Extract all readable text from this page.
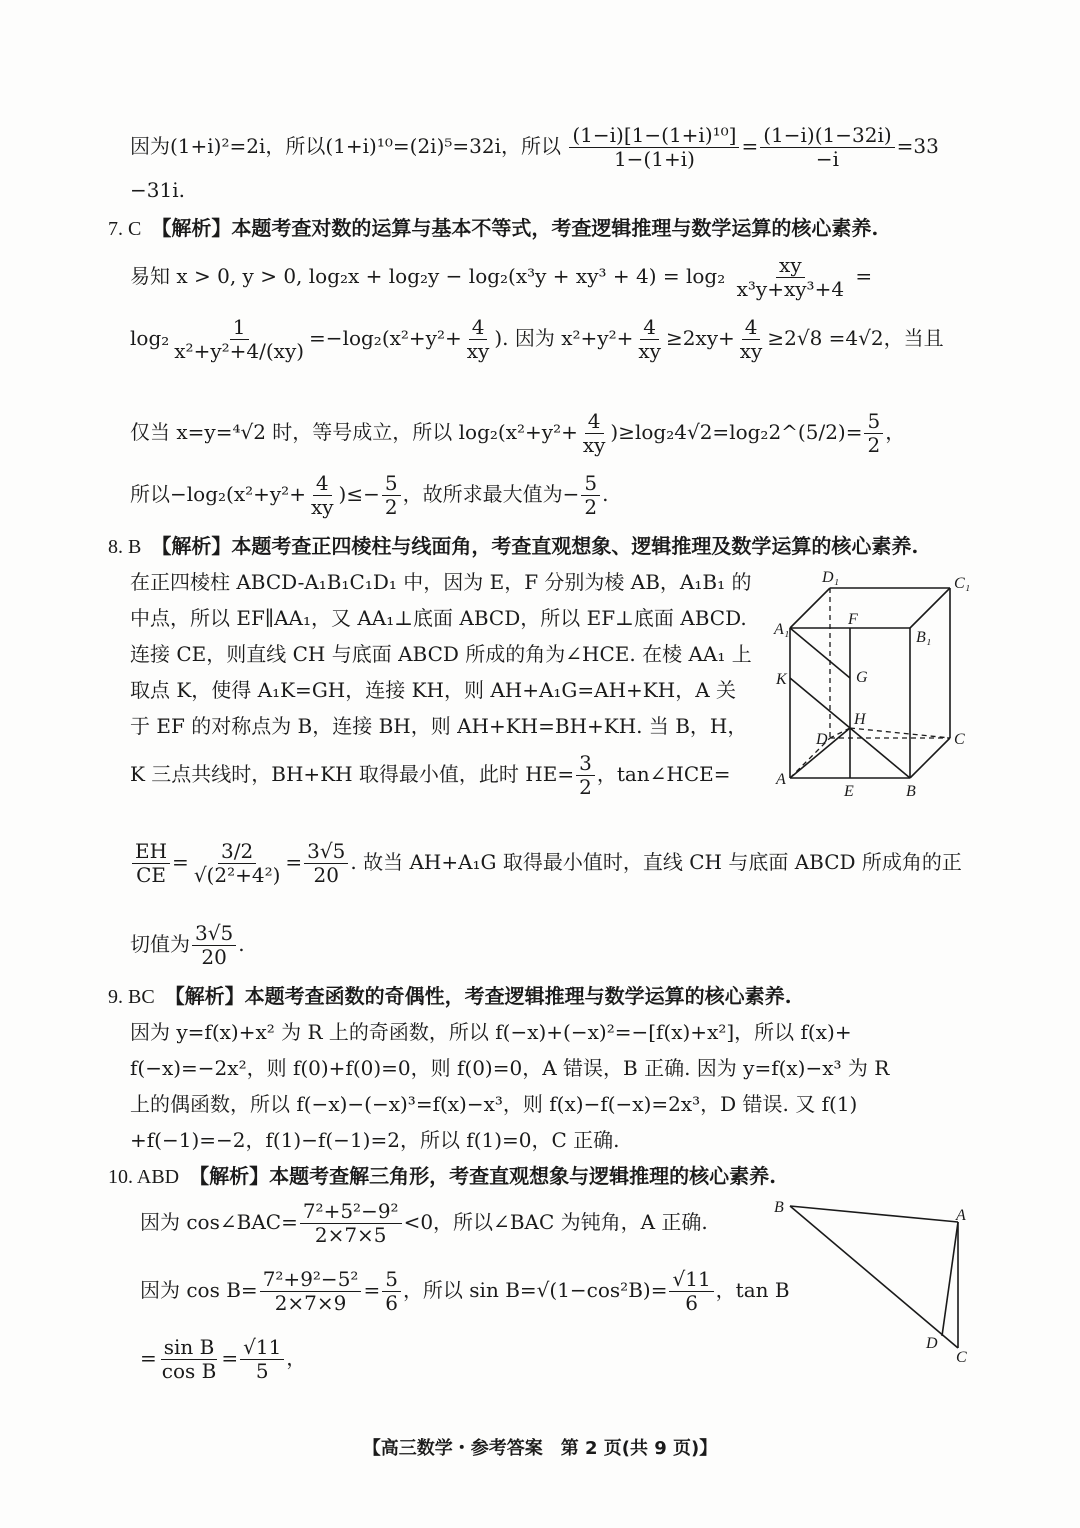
因为(1+i)²=2i，所以(1+i)¹⁰=(2i)⁵=32i，所以 $\frac{\text{(1−i)[1−(1+i)¹⁰]}}{1-(1+i)} = \frac{(1-i)(1-32i)}{-i} =33$
−31i.
7. C　 【解析】本题考查对数的运算与基本不等式，考查逻辑推理与数学运算的核心素养.
易知 x > 0, y > 0, $\log_2x + \log_2y - \log_2(x^3y + xy^3 + 4) = \log_2 \frac{xy}{\text{x³y+xy³+4}}$ =
$\log_2 \frac{1}{\text{x²+y²+4/(xy)}} =-\log_2(x^2+y^2+ \frac{4}{xy}$ ). 因为 $x^2+y^2+ \frac{4}{xy} \ge 2xy+ \frac{4}{xy} \ge 2√8 =4√2$，当且
仅当 x=y=⁴√2 时，等号成立，所以 $\log_2(x^2+y^2+ \frac{4}{xy}$ )≥log₂4√2=log₂2^(5/2)= $\frac{5}{2}$ ，
所以$-\log_2(x^2+y^2+ \frac{4}{xy}$ )≤− $\frac{5}{2}$ ，故所求最大值为− $\frac{5}{2}$ .
8. B　 【解析】本题考查正四棱柱与线面角，考查直观想象、逻辑推理及数学运算的核心素养.
在正四棱柱 ABCD-A₁B₁C₁D₁ 中，因为 E，F 分别为棱 AB，A₁B₁ 的
中点，所以 EF∥AA₁，又 AA₁⊥底面 ABCD，所以 EF⊥底面 ABCD.
连接 CE，则直线 CH 与底面 ABCD 所成的角为∠HCE. 在棱 AA₁ 上
取点 K，使得 A₁K=GH，连接 KH，则 AH+A₁G=AH+KH，A 关
于 EF 的对称点为 B，连接 BH，则 AH+KH=BH+KH. 当 B，H，
K 三点共线时，BH+KH 取得最小值，此时 $HE= \frac{3}{2}$ ，tan∠HCE=
$\frac{EH}{CE} = \frac{3/2}{\text{√(2²+4²)}} = \frac{3√5}{20}$ . 故当 AH+A₁G 取得最小值时，直线 CH 与底面 ABCD 所成角的正
切值为 $\frac{3√5}{20}$ .
D₁	C₁
A₁
F
B₁
G
K
H
D	C
A
E	B
9. BC　 【解析】本题考查函数的奇偶性，考查逻辑推理与数学运算的核心素养.
因为 y=f(x)+x² 为 R 上的奇函数，所以 f(−x)+(−x)²=−[f(x)+x²]，所以 f(x)+
f(−x)=−2x²，则 f(0)+f(0)=0，则 f(0)=0，A 错误，B 正确. 因为 y=f(x)−x³ 为 R
上的偶函数，所以 f(−x)−(−x)³=f(x)−x³，则 f(x)−f(−x)=2x³，D 错误. 又 f(1)
+f(−1)=−2，f(1)−f(−1)=2，所以 f(1)=0，C 正确.
10. ABD　 【解析】本题考查解三角形，考查直观想象与逻辑推理的核心素养.
因为 cos∠BAC= $\frac{\text{7²+5²−9²}}{2\times 7\times 5} <0$，所以∠BAC 为钝角，A 正确.
因为 $\cos B= \frac{\text{7²+9²−5²}}{2\times 7\times 9} = \frac{5}{6}$ ，所以 $\sin B=√(1-\cos^2B)= \frac{√11}{6}$ ，tan B
= $\frac{\text{sin B}}{\text{cos B}} = \frac{√11}{5}$ ，
B	A
D
C
【高三数学・参考答案　第 2 页(共 9 页)】
